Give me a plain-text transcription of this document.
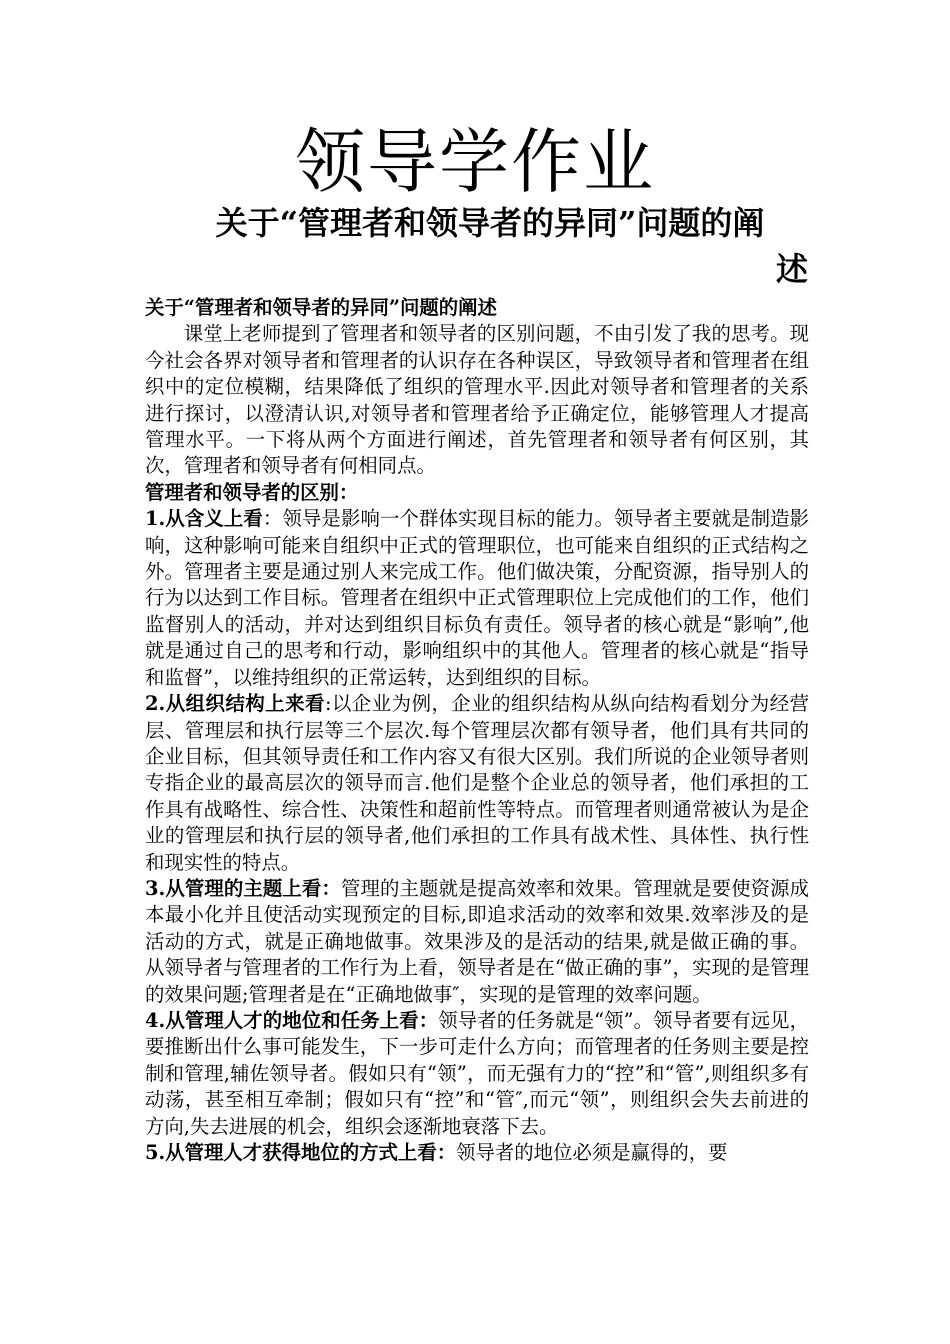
领导学作业
关于“管理者和领导者的异同”问题的阐
述

关于“管理者和领导者的异同”问题的阐述

课堂上老师提到了管理者和领导者的区别问题，不由引发了我的思考。现今社会各界对领导者和管理者的认识存在各种误区，导致领导者和管理者在组织中的定位模糊，结果降低了组织的管理水平.因此对领导者和管理者的关系进行探讨，以澄清认识,对领导者和管理者给予正确定位，能够管理人才提高管理水平。一下将从两个方面进行阐述，首先管理者和领导者有何区别，其次，管理者和领导者有何相同点。

管理者和领导者的区别：

1.从含义上看：领导是影响一个群体实现目标的能力。领导者主要就是制造影响，这种影响可能来自组织中正式的管理职位，也可能来自组织的正式结构之外。管理者主要是通过别人来完成工作。他们做决策，分配资源，指导别人的行为以达到工作目标。管理者在组织中正式管理职位上完成他们的工作，他们监督别人的活动，并对达到组织目标负有责任。领导者的核心就是“影响”,他就是通过自己的思考和行动，影响组织中的其他人。管理者的核心就是“指导和监督”，以维持组织的正常运转，达到组织的目标。

2.从组织结构上来看:以企业为例，企业的组织结构从纵向结构看划分为经营层、管理层和执行层等三个层次.每个管理层次都有领导者，他们具有共同的企业目标，但其领导责任和工作内容又有很大区别。我们所说的企业领导者则专指企业的最高层次的领导而言.他们是整个企业总的领导者，他们承担的工作具有战略性、综合性、决策性和超前性等特点。而管理者则通常被认为是企业的管理层和执行层的领导者,他们承担的工作具有战术性、具体性、执行性和现实性的特点。

3.从管理的主题上看：管理的主题就是提高效率和效果。管理就是要使资源成本最小化并且使活动实现预定的目标,即追求活动的效率和效果.效率涉及的是活动的方式，就是正确地做事。效果涉及的是活动的结果,就是做正确的事。从领导者与管理者的工作行为上看，领导者是在“做正确的事”，实现的是管理的效果问题;管理者是在“正确地做事″，实现的是管理的效率问题。

4.从管理人才的地位和任务上看：领导者的任务就是“领”。领导者要有远见，要推断出什么事可能发生，下一步可走什么方向；而管理者的任务则主要是控制和管理,辅佐领导者。假如只有“领”，而无强有力的“控”和“管”,则组织多有动荡，甚至相互牵制；假如只有“控”和“管″,而元“领”，则组织会失去前进的方向,失去进展的机会，组织会逐渐地衰落下去。

5.从管理人才获得地位的方式上看：领导者的地位必须是赢得的，要
